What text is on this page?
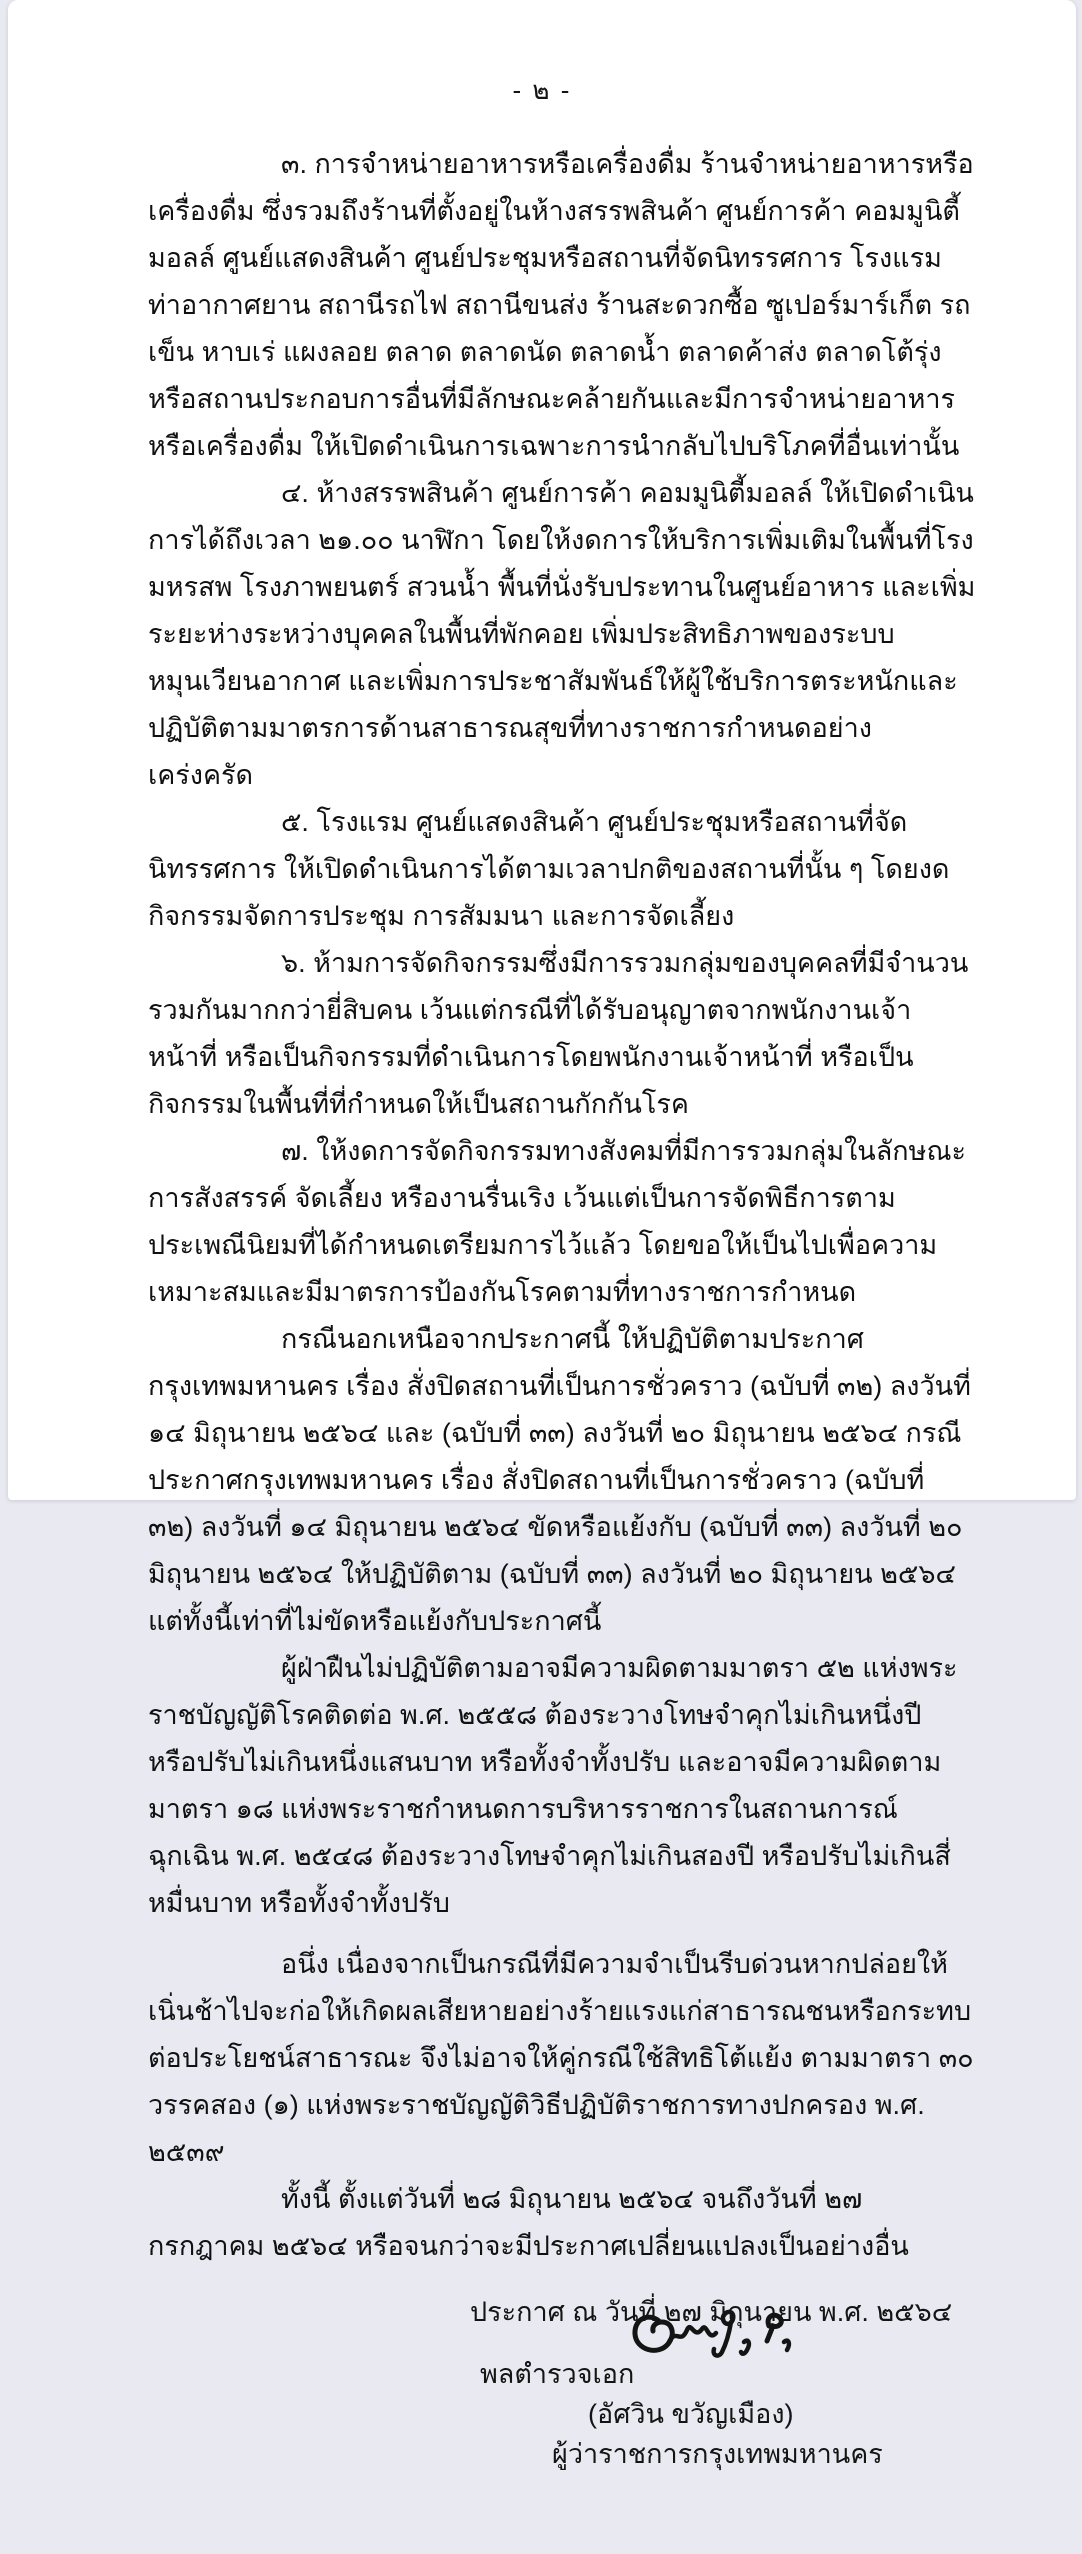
- ๒ -
๓. การจำหน่ายอาหารหรือเครื่องดื่ม ร้านจำหน่ายอาหารหรือเครื่องดื่ม ซึ่งรวมถึงร้านที่ตั้งอยู่ในห้างสรรพสินค้า ศูนย์การค้า คอมมูนิตี้มอลล์ ศูนย์แสดงสินค้า ศูนย์ประชุมหรือสถานที่จัดนิทรรศการ โรงแรม ท่าอากาศยาน สถานีรถไฟ สถานีขนส่ง ร้านสะดวกซื้อ ซูเปอร์มาร์เก็ต รถเข็น หาบเร่ แผงลอย ตลาด ตลาดนัด ตลาดน้ำ ตลาดค้าส่ง ตลาดโต้รุ่ง หรือสถานประกอบการอื่นที่มีลักษณะคล้ายกันและมีการจำหน่ายอาหารหรือเครื่องดื่ม ให้เปิดดำเนินการเฉพาะการนำกลับไปบริโภคที่อื่นเท่านั้น
๔. ห้างสรรพสินค้า ศูนย์การค้า คอมมูนิตี้มอลล์ ให้เปิดดำเนินการได้ถึงเวลา ๒๑.๐๐ นาฬิกา โดยให้งดการให้บริการเพิ่มเติมในพื้นที่โรงมหรสพ โรงภาพยนตร์ สวนน้ำ พื้นที่นั่งรับประทานในศูนย์อาหาร และเพิ่มระยะห่างระหว่างบุคคลในพื้นที่พักคอย เพิ่มประสิทธิภาพของระบบหมุนเวียนอากาศ และเพิ่มการประชาสัมพันธ์ให้ผู้ใช้บริการตระหนักและปฏิบัติตามมาตรการด้านสาธารณสุขที่ทางราชการกำหนดอย่างเคร่งครัด
๕. โรงแรม ศูนย์แสดงสินค้า ศูนย์ประชุมหรือสถานที่จัดนิทรรศการ ให้เปิดดำเนินการได้ตามเวลาปกติของสถานที่นั้น ๆ โดยงดกิจกรรมจัดการประชุม การสัมมนา และการจัดเลี้ยง
๖. ห้ามการจัดกิจกรรมซึ่งมีการรวมกลุ่มของบุคคลที่มีจำนวนรวมกันมากกว่ายี่สิบคน เว้นแต่กรณีที่ได้รับอนุญาตจากพนักงานเจ้าหน้าที่ หรือเป็นกิจกรรมที่ดำเนินการโดยพนักงานเจ้าหน้าที่ หรือเป็นกิจกรรมในพื้นที่ที่กำหนดให้เป็นสถานกักกันโรค
๗. ให้งดการจัดกิจกรรมทางสังคมที่มีการรวมกลุ่มในลักษณะการสังสรรค์ จัดเลี้ยง หรืองานรื่นเริง เว้นแต่เป็นการจัดพิธีการตามประเพณีนิยมที่ได้กำหนดเตรียมการไว้แล้ว โดยขอให้เป็นไปเพื่อความเหมาะสมและมีมาตรการป้องกันโรคตามที่ทางราชการกำหนด
กรณีนอกเหนือจากประกาศนี้ ให้ปฏิบัติตามประกาศกรุงเทพมหานคร เรื่อง สั่งปิดสถานที่เป็นการชั่วคราว (ฉบับที่ ๓๒) ลงวันที่ ๑๔ มิถุนายน ๒๕๖๔ และ (ฉบับที่ ๓๓) ลงวันที่ ๒๐ มิถุนายน ๒๕๖๔ กรณีประกาศกรุงเทพมหานคร เรื่อง สั่งปิดสถานที่เป็นการชั่วคราว (ฉบับที่ ๓๒) ลงวันที่ ๑๔ มิถุนายน ๒๕๖๔ ขัดหรือแย้งกับ (ฉบับที่ ๓๓) ลงวันที่ ๒๐ มิถุนายน ๒๕๖๔ ให้ปฏิบัติตาม (ฉบับที่ ๓๓) ลงวันที่ ๒๐ มิถุนายน ๒๕๖๔ แต่ทั้งนี้เท่าที่ไม่ขัดหรือแย้งกับประกาศนี้
ผู้ฝ่าฝืนไม่ปฏิบัติตามอาจมีความผิดตามมาตรา ๕๒ แห่งพระราชบัญญัติโรคติดต่อ พ.ศ. ๒๕๕๘ ต้องระวางโทษจำคุกไม่เกินหนึ่งปี หรือปรับไม่เกินหนึ่งแสนบาท หรือทั้งจำทั้งปรับ และอาจมีความผิดตามมาตรา ๑๘ แห่งพระราชกำหนดการบริหารราชการในสถานการณ์ฉุกเฉิน พ.ศ. ๒๕๔๘ ต้องระวางโทษจำคุกไม่เกินสองปี หรือปรับไม่เกินสี่หมื่นบาท หรือทั้งจำทั้งปรับ
อนึ่ง เนื่องจากเป็นกรณีที่มีความจำเป็นรีบด่วนหากปล่อยให้เนิ่นช้าไปจะก่อให้เกิดผลเสียหายอย่างร้ายแรงแก่สาธารณชนหรือกระทบต่อประโยชน์สาธารณะ จึงไม่อาจให้คู่กรณีใช้สิทธิโต้แย้ง ตามมาตรา ๓๐ วรรคสอง (๑) แห่งพระราชบัญญัติวิธีปฏิบัติราชการทางปกครอง พ.ศ. ๒๕๓๙
ทั้งนี้ ตั้งแต่วันที่ ๒๘ มิถุนายน ๒๕๖๔ จนถึงวันที่ ๒๗ กรกฎาคม ๒๕๖๔ หรือจนกว่าจะมีประกาศเปลี่ยนแปลงเป็นอย่างอื่น
ประกาศ ณ วันที่ ๒๗ มิถุนายน พ.ศ. ๒๕๖๔
พลตำรวจเอก
(อัศวิน ขวัญเมือง)
ผู้ว่าราชการกรุงเทพมหานคร
